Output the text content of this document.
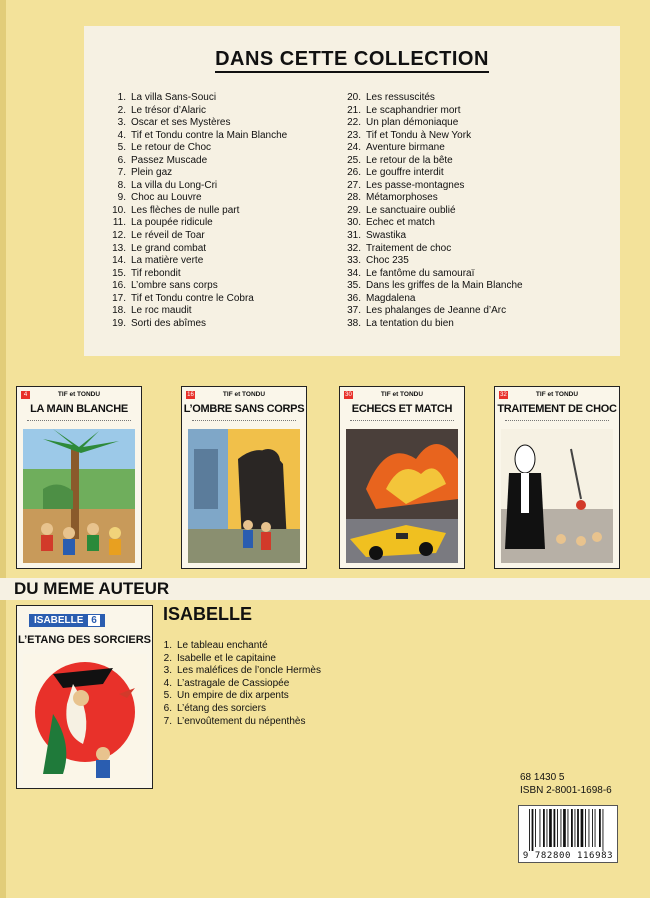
DANS CETTE COLLECTION
1. La villa Sans-Souci
2. Le trésor d’Alaric
3. Oscar et ses Mystères
4. Tif et Tondu contre la Main Blanche
5. Le retour de Choc
6. Passez Muscade
7. Plein gaz
8. La villa du Long-Cri
9. Choc au Louvre
10. Les flèches de nulle part
11. La poupée ridicule
12. Le réveil de Toar
13. Le grand combat
14. La matière verte
15. Tif rebondit
16. L’ombre sans corps
17. Tif et Tondu contre le Cobra
18. Le roc maudit
19. Sorti des abîmes
20. Les ressuscités
21. Le scaphandrier mort
22. Un plan démoniaque
23. Tif et Tondu à New York
24. Aventure birmane
25. Le retour de la bête
26. Le gouffre interdit
27. Les passe-montagnes
28. Métamorphoses
29. Le sanctuaire oublié
30. Echec et match
31. Swastika
32. Traitement de choc
33. Choc 235
34. Le fantôme du samouraï
35. Dans les griffes de la Main Blanche
36. Magdalena
37. Les phalanges de Jeanne d’Arc
38. La tentation du bien
4	TIF et TONDU
LA MAIN BLANCHE
16	TIF et TONDU
L’OMBRE SANS CORPS
30	TIF et TONDU
ECHECS ET MATCH
32	TIF et TONDU
TRAITEMENT DE CHOC
DU MEME AUTEUR
ISABELLE
ISABELLE 6
L’ETANG DES SORCIERS	1. Le tableau enchanté
2. Isabelle et le capitaine
3. Les maléfices de l’oncle Hermès
4. L’astragale de Cassiopée
5. Un empire de dix arpents
6. L’étang des sorciers
7. L’envoûtement du népenthès
68 1430 5
ISBN 2-8001-1698-6
9 782800 116983
